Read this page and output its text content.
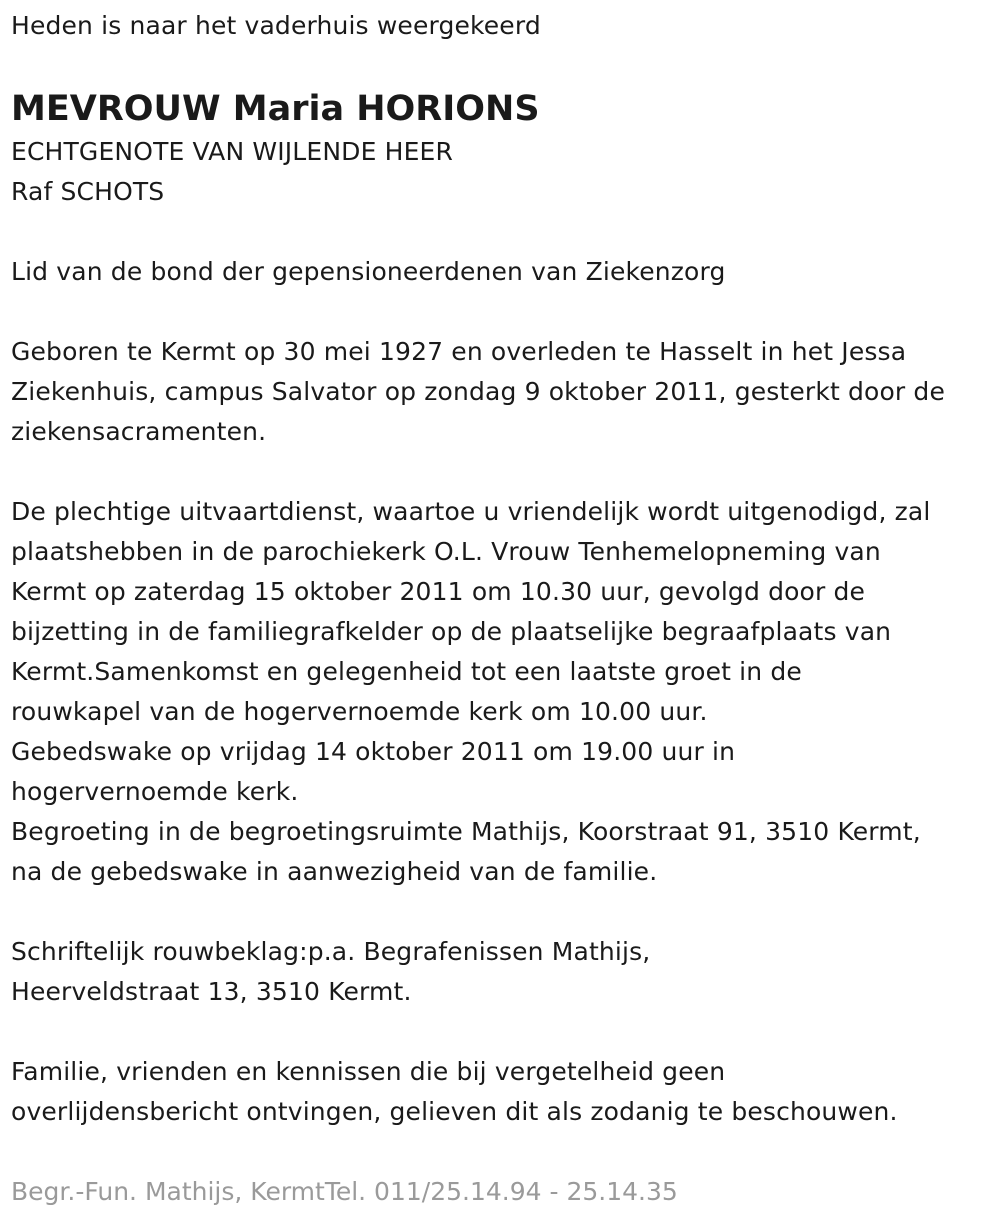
Heden is naar het vaderhuis weergekeerd
MEVROUW Maria HORIONS
ECHTGENOTE VAN WIJLENDE HEER
Raf SCHOTS
Lid van de bond der gepensioneerdenen van Ziekenzorg
Geboren te Kermt op 30 mei 1927 en overleden te Hasselt in het Jessa
Ziekenhuis, campus Salvator op zondag 9 oktober 2011, gesterkt door de
ziekensacramenten.
De plechtige uitvaartdienst, waartoe u vriendelijk wordt uitgenodigd, zal
plaatshebben in de parochiekerk O.L. Vrouw Tenhemelopneming van
Kermt op zaterdag 15 oktober 2011 om 10.30 uur, gevolgd door de
bijzetting in de familiegrafkelder op de plaatselijke begraafplaats van
Kermt.Samenkomst en gelegenheid tot een laatste groet in de
rouwkapel van de hogervernoemde kerk om 10.00 uur.
Gebedswake op vrijdag 14 oktober 2011 om 19.00 uur in
hogervernoemde kerk.
Begroeting in de begroetingsruimte Mathijs, Koorstraat 91, 3510 Kermt,
na de gebedswake in aanwezigheid van de familie.
Schriftelijk rouwbeklag:p.a. Begrafenissen Mathijs,
Heerveldstraat 13, 3510 Kermt.
Familie, vrienden en kennissen die bij vergetelheid geen
overlijdensbericht ontvingen, gelieven dit als zodanig te beschouwen.
Begr.-Fun. Mathijs, KermtTel. 011/25.14.94 - 25.14.35
